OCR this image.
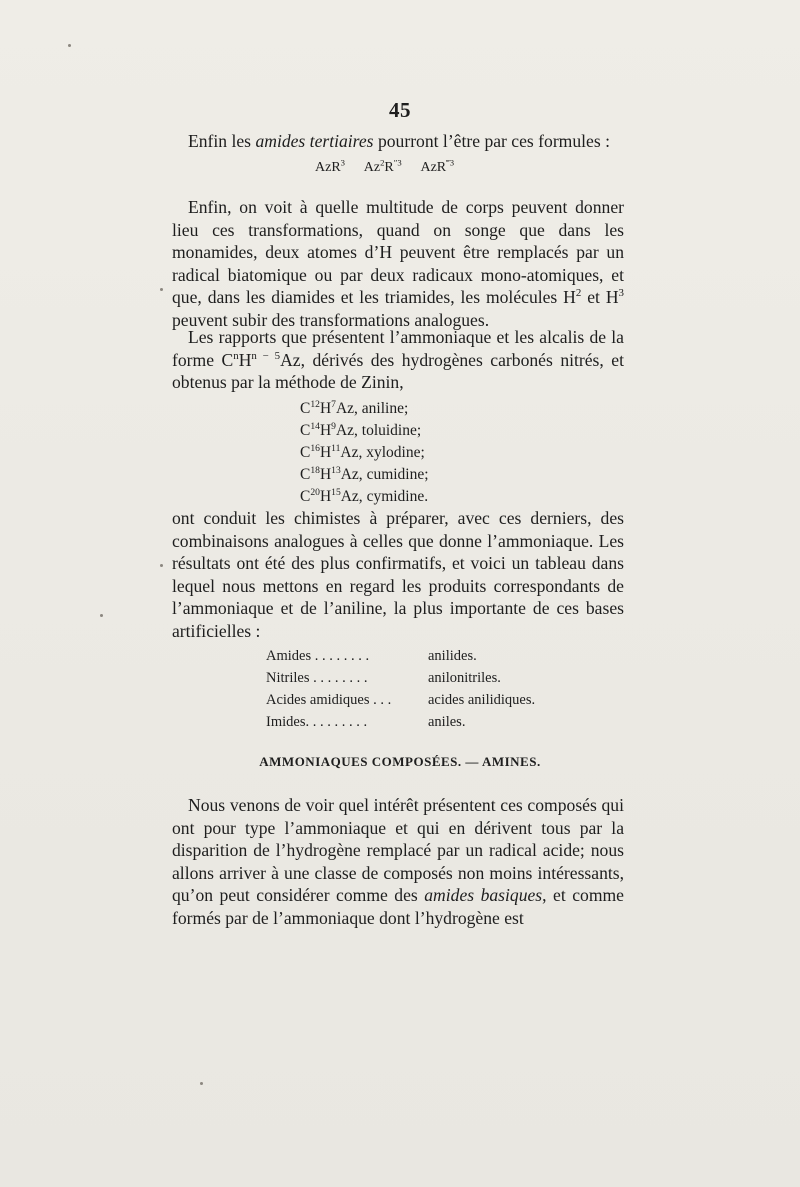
45
Enfin les amides tertiaires pourront l’être par ces formules :
AzR$^3$ $Az^2R^{''3}$ AzR$^{‴3}$
Enfin, on voit à quelle multitude de corps peuvent donner lieu ces transformations, quand on songe que dans les monamides, deux atomes d’H peuvent être remplacés par un radical biatomique ou par deux radicaux mono-atomiques, et que, dans les diamides et les triamides, les molécules $H^2$ et $H^3$ peuvent subir des transformations analogues.
Les rapports que présentent l’ammoniaque et les alcalis de la forme $C^nH^{n - 5}Az$, dérivés des hydrogènes carbonés nitrés, et obtenus par la méthode de Zinin,
$C^{12}H^7Az$, aniline;
$C^{14}H^9Az$, toluidine;
$C^{16}H^{11}Az$, xylodine;
$C^{18}H^{13}Az$, cumidine;
$C^{20}H^{15}Az$, cymidine.
ont conduit les chimistes à préparer, avec ces derniers, des combinaisons analogues à celles que donne l’ammoniaque. Les résultats ont été des plus confirmatifs, et voici un tableau dans lequel nous mettons en regard les produits correspondants de l’ammoniaque et de l’aniline, la plus importante de ces bases artificielles :
Amides . . . . . . . .	anilides.
Nitriles . . . . . . . .	anilonitriles.
Acides amidiques . . .	acides anilidiques.
Imides. . . . . . . . .	aniles.
AMMONIAQUES COMPOSÉES. — AMINES.
Nous venons de voir quel intérêt présentent ces composés qui ont pour type l’ammoniaque et qui en dérivent tous par la disparition de l’hydrogène remplacé par un radical acide; nous allons arriver à une classe de composés non moins intéressants, qu’on peut considérer comme des amides basiques, et comme formés par de l’ammoniaque dont l’hydrogène est
